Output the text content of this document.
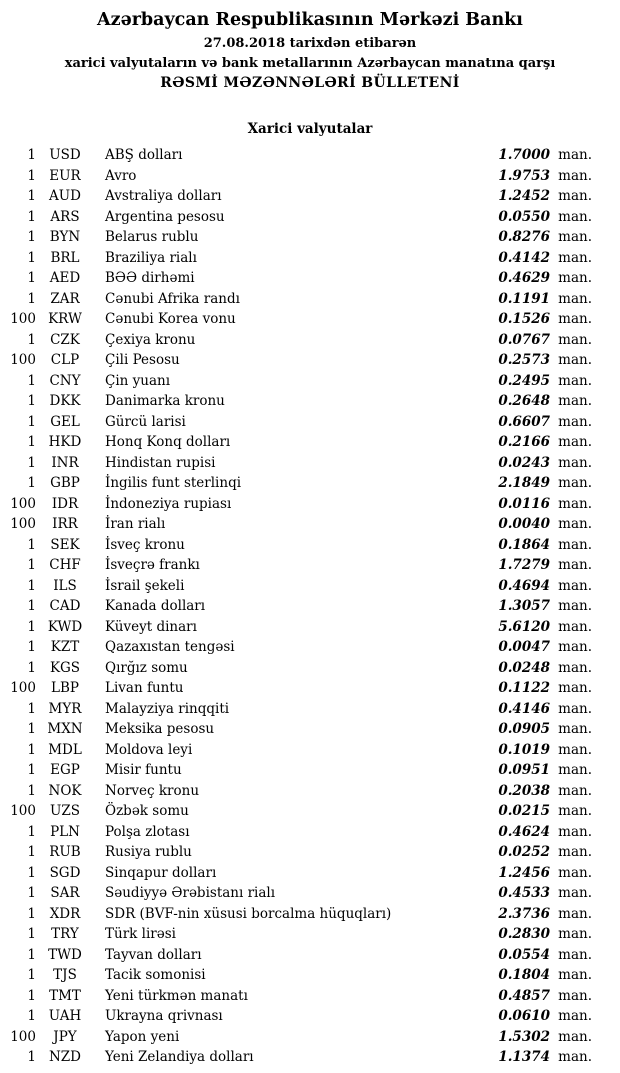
Azərbaycan Respublikasının Mərkəzi Bankı
27.08.2018 tarixdən etibarən
xarici valyutaların və bank metallarının Azərbaycan manatına qarşı
RƏSMİ MƏZƏNNƏLƏRİ BÜLLETENİ
Xarici valyutalar
1 USD	ABŞ dolları	1.7000 man.
1 EUR	Avro	1.9753 man.
1 AUD	Avstraliya dolları	1.2452 man.
1	ARS	Argentina pesosu	0.0550 man.
1	BYN	Belarus rublu	0.8276 man.
1	BRL	Braziliya rialı	0.4142 man.
1	AED	BƏƏ dirhəmi	0.4629 man.
1	ZAR	Cənubi Afrika randı	0.1191 man.
100 KRW	Cənubi Korea vonu	0.1526 man.
1	CZK	Çexiya kronu	0.0767 man.
100	CLP	Çili Pesosu	0.2573 man.
1 CNY	Çin yuanı	0.2495 man.
1	DKK	Danimarka kronu	0.2648 man.
1	GEL	Gürcü larisi	0.6607 man.
1 HKD	Honq Konq dolları	0.2166 man.
1	INR	Hindistan rupisi	0.0243 man.
1	GBP	İngilis funt sterlinqi	2.1849 man.
100	IDR	İndoneziya rupiası	0.0116 man.
100	IRR	İran rialı	0.0040 man.
1	SEK	İsveç kronu	0.1864 man.
1 CHF	İsveçrə frankı	1.7279 man.
1	ILS	İsrail şekeli	0.4694 man.
1	CAD	Kanada dolları	1.3057 man.
1 KWD	Küveyt dinarı	5.6120 man.
1	KZT	Qazaxıstan tengəsi	0.0047 man.
1	KGS	Qırğız somu	0.0248 man.
100	LBP	Livan funtu	0.1122 man.
1 MYR	Malayziya rinqqiti	0.4146 man.
1 MXN	Meksika pesosu	0.0905 man.
1 MDL	Moldova leyi	0.1019 man.
1	EGP	Misir funtu	0.0951 man.
1 NOK	Norveç kronu	0.2038 man.
100	UZS	Özbək somu	0.0215 man.
1	PLN	Polşa zlotası	0.4624 man.
1 RUB	Rusiya rublu	0.0252 man.
1	SGD	Sinqapur dolları	1.2456 man.
1	SAR	Səudiyyə Ərəbistanı rialı	0.4533 man.
1	XDR	SDR (BVF-nin xüsusi borcalma hüquqları)	2.3736 man.
1	TRY	Türk lirəsi	0.2830 man.
1 TWD	Tayvan dolları	0.0554 man.
1	TJS	Tacik somonisi	0.1804 man.
1 TMT	Yeni türkmən manatı	0.4857 man.
1 UAH	Ukrayna qrivnası	0.0610 man.
100	JPY	Yapon yeni	1.5302 man.
1 NZD	Yeni Zelandiya dolları	1.1374 man.
